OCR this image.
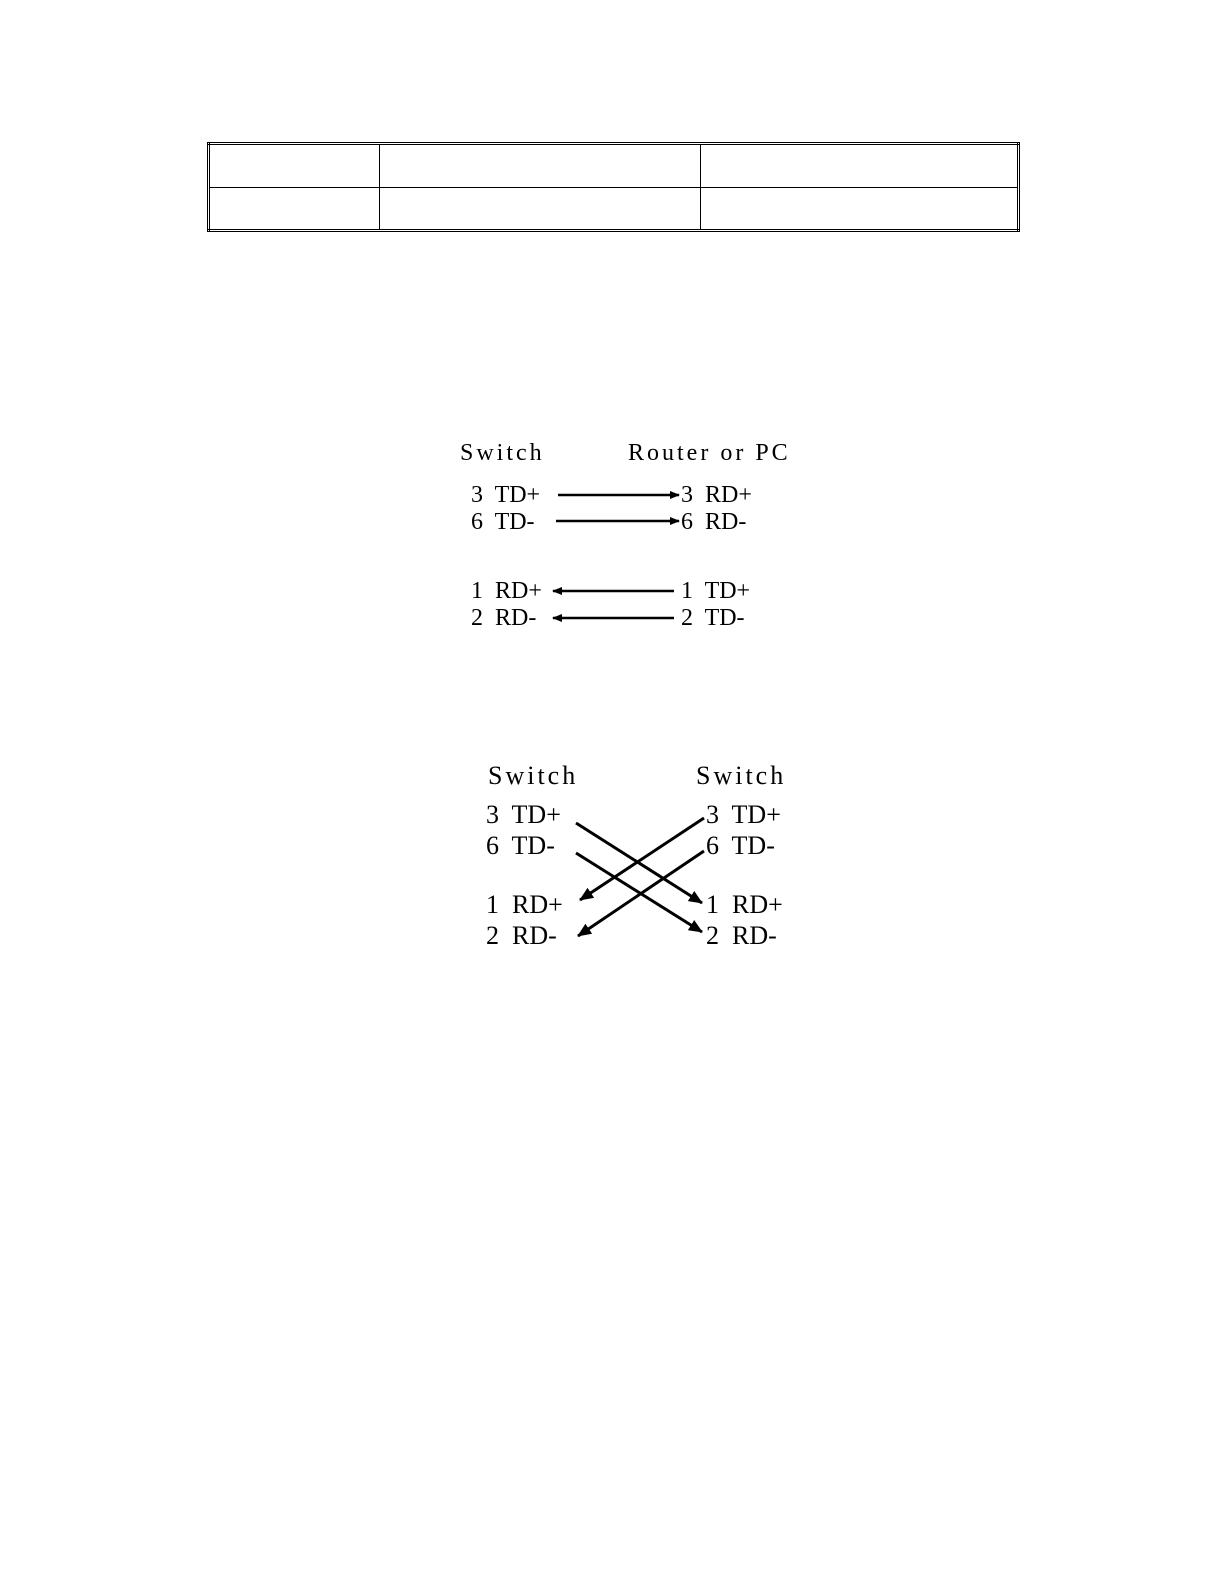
Switch	Router or PC
3  TD+	3  RD+
6  TD-	6  RD-
1  RD+	1  TD+
2  RD-	2  TD-
Switch	Switch
3  TD+
6  TD-
1  RD+
2  RD-
3  TD+
6  TD-
1  RD+
2  RD-
